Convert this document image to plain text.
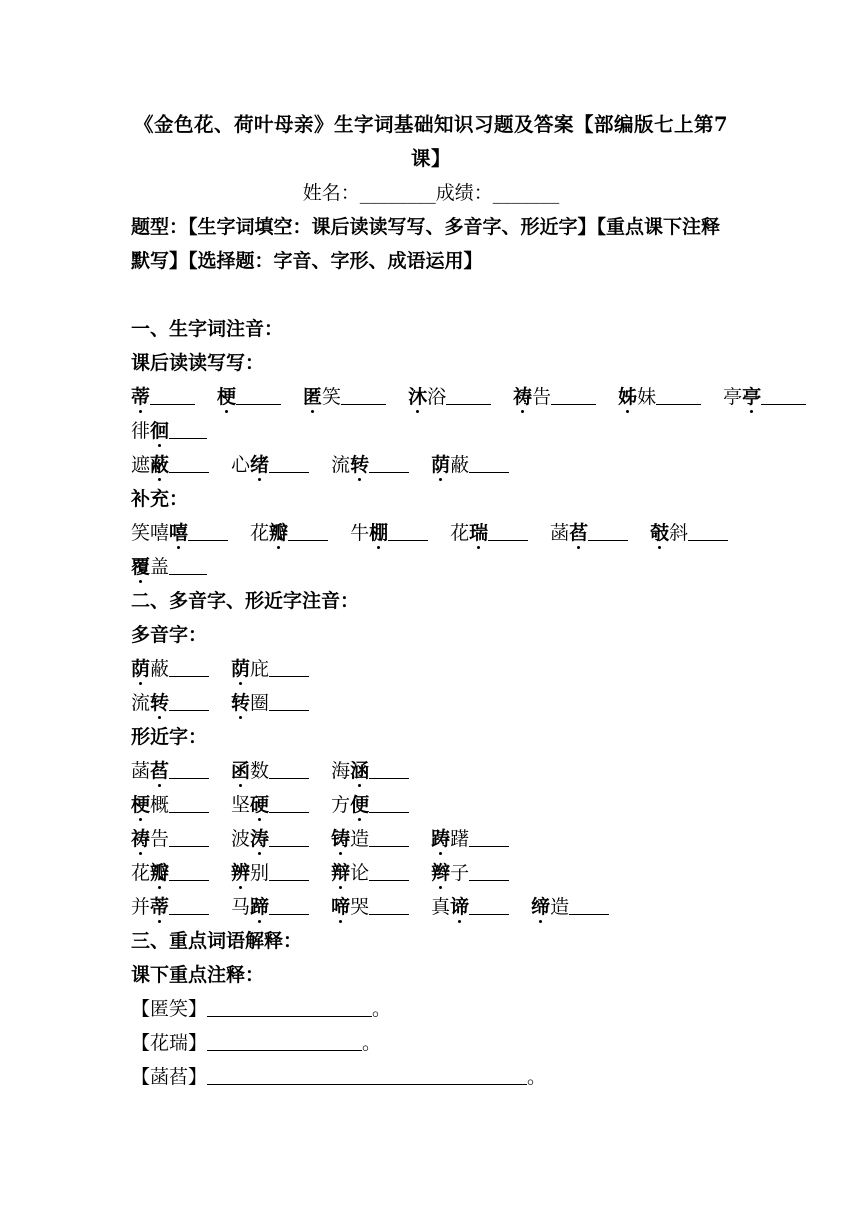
《金色花、荷叶母亲》生字词基础知识习题及答案【部编版七上第7课】
姓名：________成绩：_______
题型：【生字词填空：课后读读写写、多音字、形近字】【重点课下注释默写】【选择题：字音、字形、成语运用】
一、生字词注音：
课后读读写写：
蒂	梗	匿笑	沐浴	祷告	姊妹	亭亭
徘徊
遮蔽	心绪	流转	荫蔽
补充：
笑嘻嘻	花瓣	牛棚	花瑞	菡萏	攲斜
覆盖
二、多音字、形近字注音：
多音字：
荫蔽	荫庇
流转	转圈
形近字：
菡萏	函数	海涵
梗概	坚硬	方便
祷告	波涛	铸造	踌躇
花瓣	辨别	辩论	辫子
并蒂	马蹄	啼哭	真谛	缔造
三、重点词语解释：
课下重点注释：
【匿笑】	。
【花瑞】	。
【菡萏】	。
